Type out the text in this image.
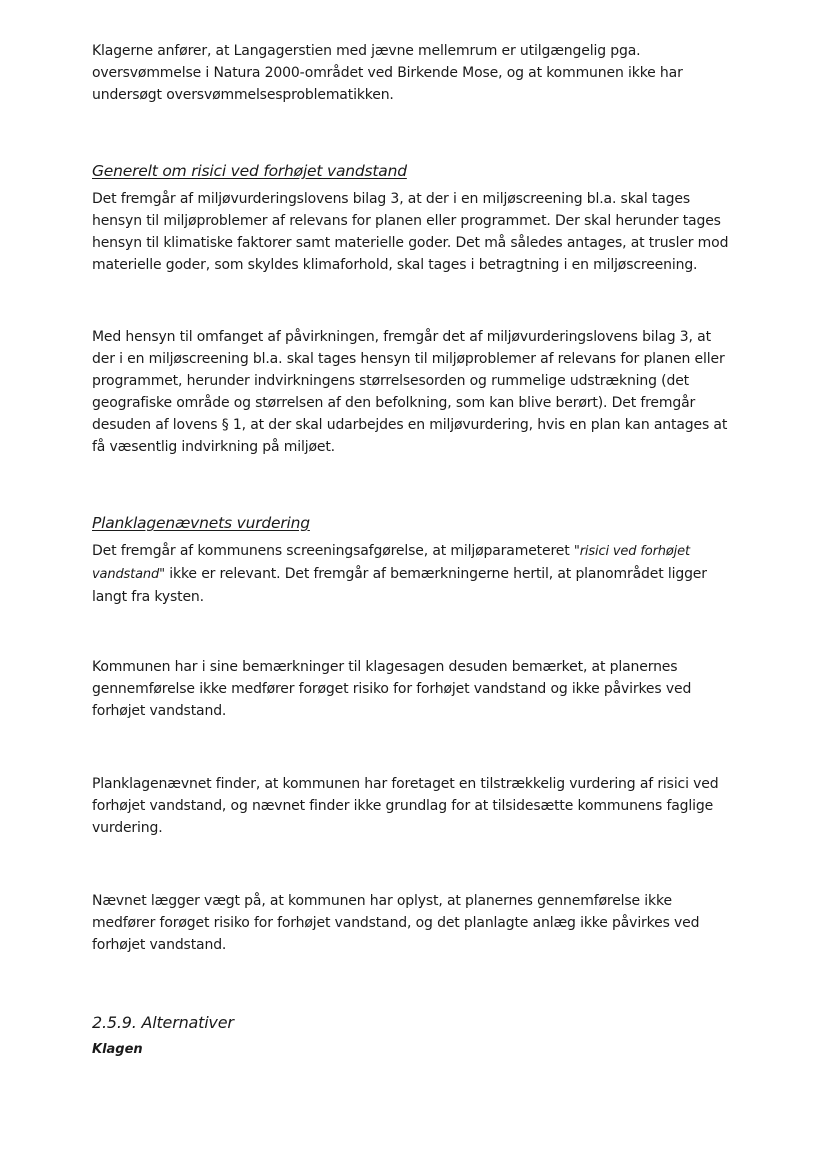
Klagerne anfører, at Langagerstien med jævne mellemrum er utilgængelig pga. oversvømmelse i Natura 2000-området ved Birkende Mose, og at kommunen ikke har undersøgt oversvømmelsesproblematikken.

Generelt om risici ved forhøjet vandstand

Det fremgår af miljøvurderingslovens bilag 3, at der i en miljøscreening bl.a. skal tages hensyn til miljøproblemer af relevans for planen eller programmet. Der skal herunder tages hensyn til klimatiske faktorer samt materielle goder. Det må således antages, at trusler mod materielle goder, som skyldes klimaforhold, skal tages i betragtning i en miljøscreening.

Med hensyn til omfanget af påvirkningen, fremgår det af miljøvurderingslovens bilag 3, at der i en miljøscreening bl.a. skal tages hensyn til miljøproblemer af relevans for planen eller programmet, herunder indvirkningens størrelsesorden og rummelige udstrækning (det geografiske område og størrelsen af den befolkning, som kan blive berørt). Det fremgår desuden af lovens § 1, at der skal udarbejdes en miljøvurdering, hvis en plan kan antages at få væsentlig indvirkning på miljøet.

Planklagenævnets vurdering

Det fremgår af kommunens screeningsafgørelse, at miljøparameteret "risici ved forhøjet vandstand" ikke er relevant. Det fremgår af bemærkningerne hertil, at planområdet ligger langt fra kysten.

Kommunen har i sine bemærkninger til klagesagen desuden bemærket, at planernes gennemførelse ikke medfører forøget risiko for forhøjet vandstand og ikke påvirkes ved forhøjet vandstand.

Planklagenævnet finder, at kommunen har foretaget en tilstrækkelig vurdering af risici ved forhøjet vandstand, og nævnet finder ikke grundlag for at tilsidesætte kommunens faglige vurdering.

Nævnet lægger vægt på, at kommunen har oplyst, at planernes gennemførelse ikke medfører forøget risiko for forhøjet vandstand, og det planlagte anlæg ikke påvirkes ved forhøjet vandstand.

2.5.9. Alternativer
Klagen
